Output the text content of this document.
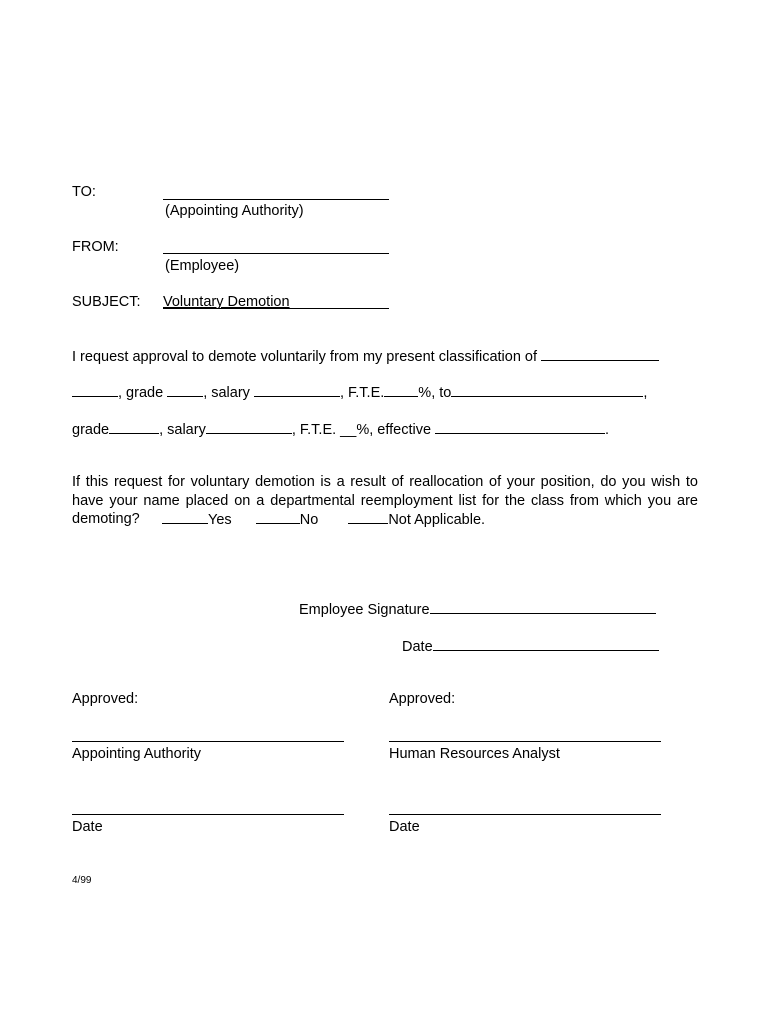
TO:
(Appointing Authority)
FROM:
(Employee)
SUBJECT: Voluntary Demotion
I request approval to demote voluntarily from my present classification of
, grade	, salary	, F.T.E. %, to	,
grade	, salary	, F.T.E. __%, effective	.
If this request for voluntary demotion is a result of reallocation of your position, do you wish to have your name placed on a departmental reemployment list for the class from which you are demoting?	Yes	No	Not Applicable.
Employee Signature
Date
Approved:	Approved:
Appointing Authority	Human Resources Analyst
Date	Date
4/99
